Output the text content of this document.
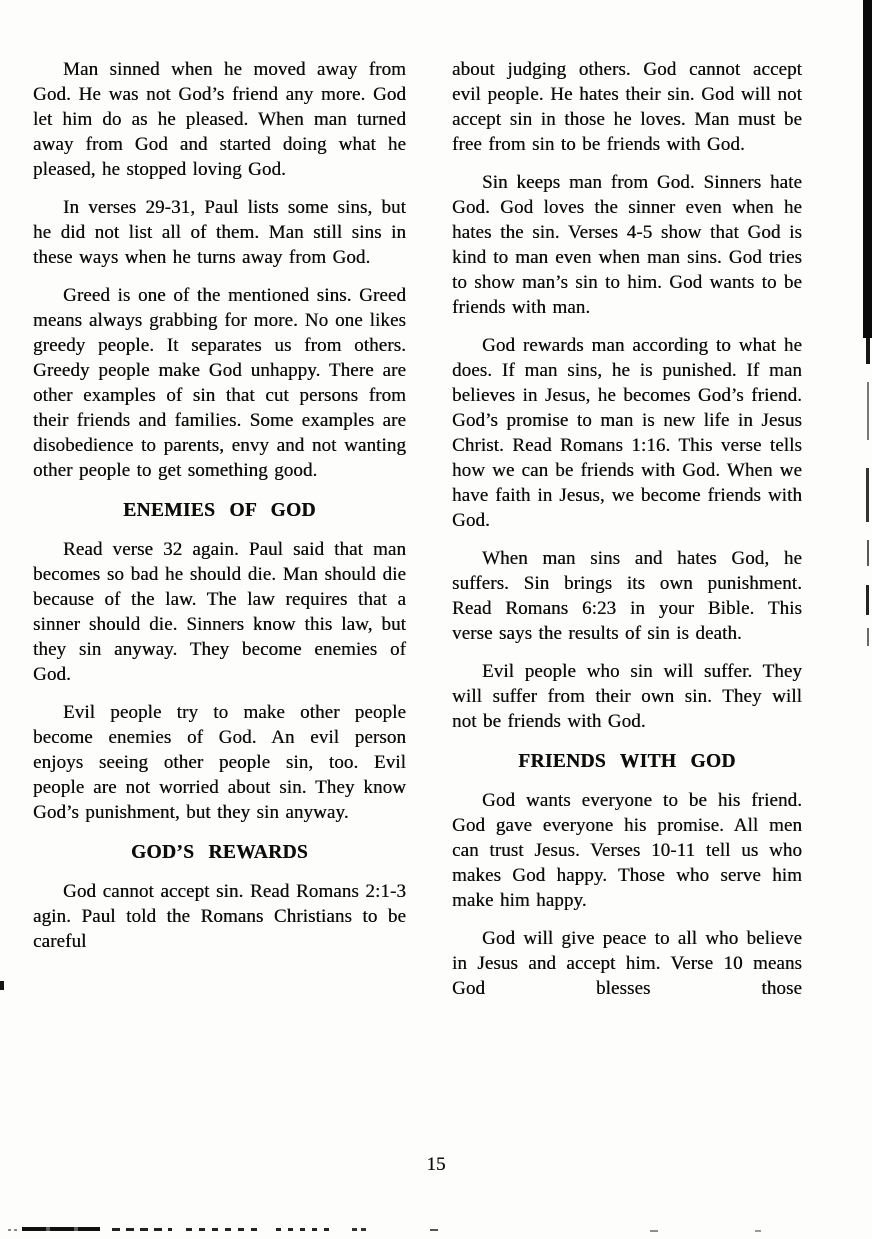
Man sinned when he moved away from God. He was not God’s friend any more. God let him do as he pleased. When man turned away from God and started doing what he pleased, he stopped loving God.

In verses 29-31, Paul lists some sins, but he did not list all of them. Man still sins in these ways when he turns away from God.

Greed is one of the mentioned sins. Greed means always grabbing for more. No one likes greedy people. It separates us from others. Greedy people make God unhappy. There are other examples of sin that cut persons from their friends and families. Some examples are disobedience to parents, envy and not wanting other people to get something good.

ENEMIES OF GOD

Read verse 32 again. Paul said that man becomes so bad he should die. Man should die because of the law. The law requires that a sinner should die. Sinners know this law, but they sin anyway. They become enemies of God.

Evil people try to make other people become enemies of God. An evil person enjoys seeing other people sin, too. Evil people are not worried about sin. They know God’s punishment, but they sin anyway.

GOD’S REWARDS

God cannot accept sin. Read Romans 2:1-3 agin. Paul told the Romans Christians to be careful

about judging others. God cannot accept evil people. He hates their sin. God will not accept sin in those he loves. Man must be free from sin to be friends with God.

Sin keeps man from God. Sinners hate God. God loves the sinner even when he hates the sin. Verses 4-5 show that God is kind to man even when man sins. God tries to show man’s sin to him. God wants to be friends with man.

God rewards man according to what he does. If man sins, he is punished. If man believes in Jesus, he becomes God’s friend. God’s promise to man is new life in Jesus Christ. Read Romans 1:16. This verse tells how we can be friends with God. When we have faith in Jesus, we become friends with God.

When man sins and hates God, he suffers. Sin brings its own punishment. Read Romans 6:23 in your Bible. This verse says the results of sin is death.

Evil people who sin will suffer. They will suffer from their own sin. They will not be friends with God.

FRIENDS WITH GOD

God wants everyone to be his friend. God gave everyone his promise. All men can trust Jesus. Verses 10-11 tell us who makes God happy. Those who serve him make him happy.

God will give peace to all who believe in Jesus and accept him. Verse 10 means God blesses those

15
